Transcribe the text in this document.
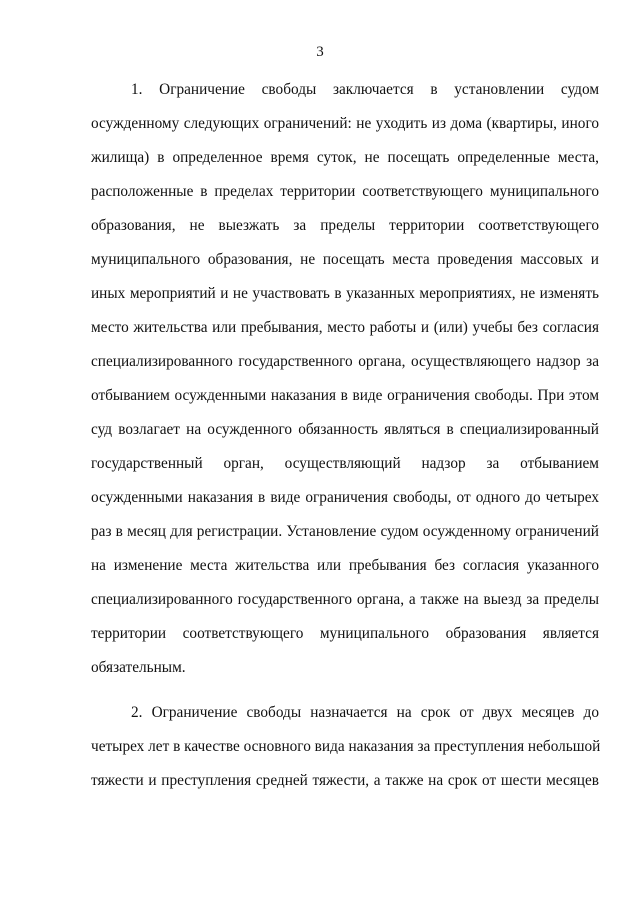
3
1. Ограничение свободы заключается в установлении судом
осужденному следующих ограничений: не уходить из дома (квартиры, иного
жилища) в определенное время суток, не посещать определенные места,
расположенные в пределах территории соответствующего муниципального
образования, не выезжать за пределы территории соответствующего
муниципального образования, не посещать места проведения массовых и
иных мероприятий и не участвовать в указанных мероприятиях, не изменять
место жительства или пребывания, место работы и (или) учебы без согласия
специализированного государственного органа, осуществляющего надзор за
отбыванием осужденными наказания в виде ограничения свободы. При этом
суд возлагает на осужденного обязанность являться в специализированный
государственный орган, осуществляющий надзор за отбыванием
осужденными наказания в виде ограничения свободы, от одного до четырех
раз в месяц для регистрации. Установление судом осужденному ограничений
на изменение места жительства или пребывания без согласия указанного
специализированного государственного органа, а также на выезд за пределы
территории соответствующего муниципального образования является
обязательным.
2. Ограничение свободы назначается на срок от двух месяцев до
четырех лет в качестве основного вида наказания за преступления небольшой
тяжести и преступления средней тяжести, а также на срок от шести месяцев
